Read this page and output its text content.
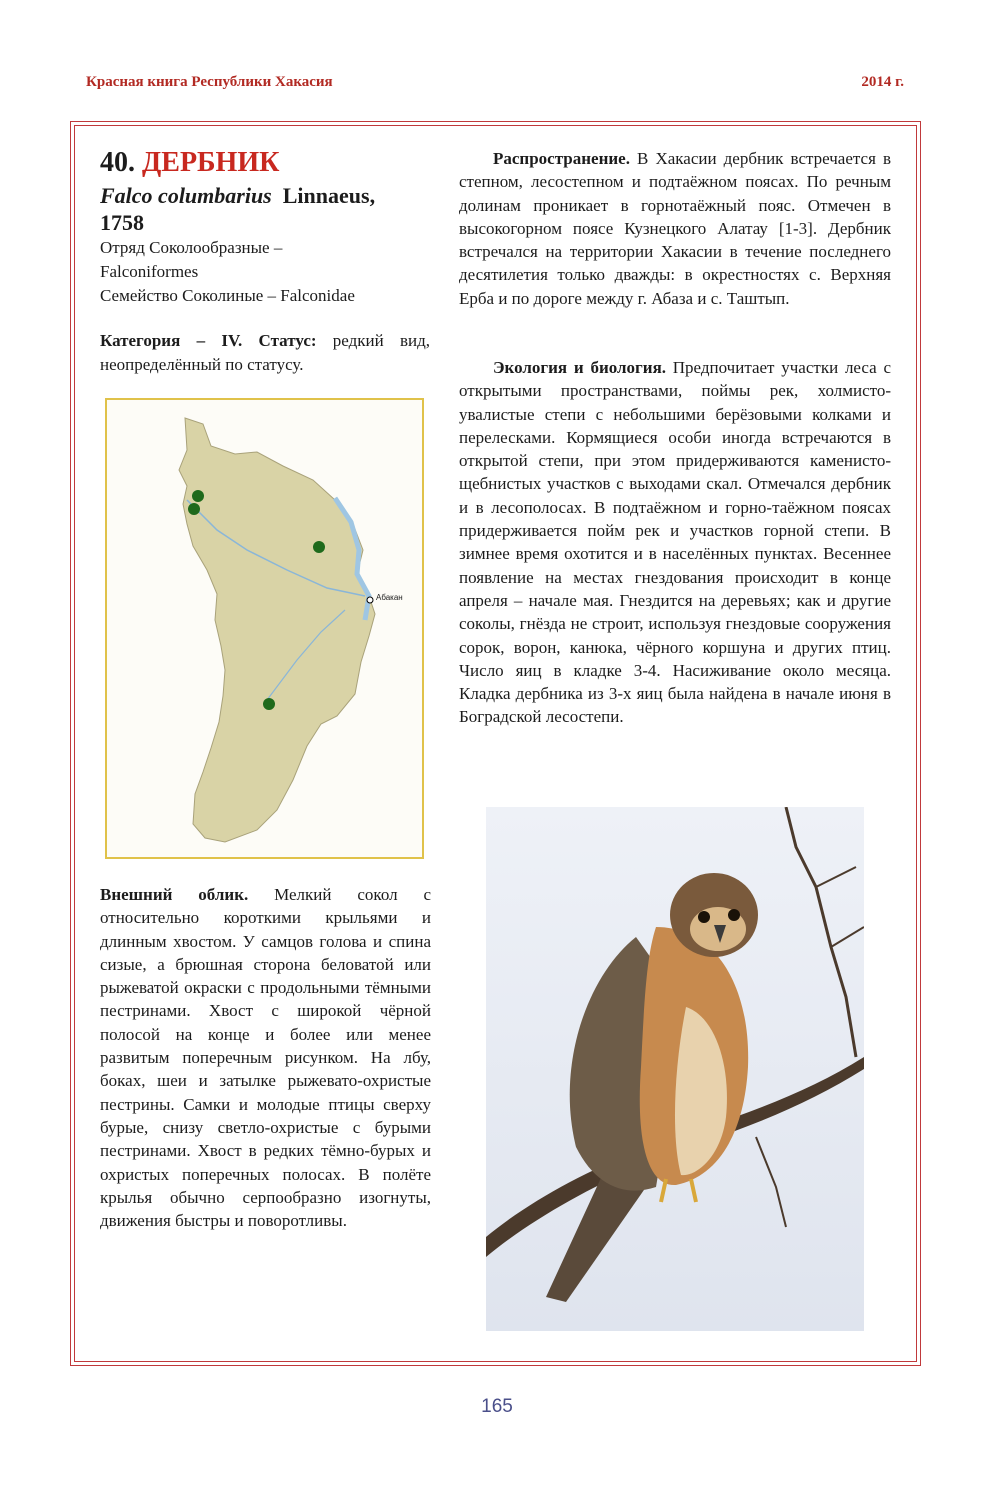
Красная книга Республики Хакасия	2014 г.
40. ДЕРБНИК
Falco columbarius Linnaeus, 1758
Отряд Соколообразные –
Falconiformes
Семейство Соколиные – Falconidae
Категория – IV. Статус: редкий вид, неопределённый по статусу.
Абакан
Внешний облик. Мелкий сокол с относительно короткими крыльями и длинным хвостом. У самцов голова и спина сизые, а брюшная сторона беловатой или рыжеватой окраски с продольными тёмными пестринами. Хвост с широкой чёрной полосой на конце и более или менее развитым поперечным рисунком. На лбу, боках, шеи и затылке рыжевато-охристые пестрины. Самки и молодые птицы сверху бурые, снизу светло-охристые с бурыми пестринами. Хвост в редких тёмно-бурых и охристых поперечных полосах. В полёте крылья обычно серпообразно изогнуты, движения быстры и поворотливы.
Распространение. В Хакасии дербник встречается в степном, лесостепном и подтаёжном поясах. По речным долинам проникает в горнотаёжный пояс. Отмечен в высокогорном поясе Кузнецкого Алатау [1-3]. Дербник встречался на территории Хакасии в течение последнего десятилетия только дважды: в окрестностях с. Верхняя Ерба и по дороге между г. Абаза и с. Таштып.
Экология и биология. Предпочитает участки леса с открытыми пространствами, поймы рек, холмисто-увалистые степи с небольшими берёзовыми колками и перелесками. Кормящиеся особи иногда встречаются в открытой степи, при этом придерживаются каменисто-щебнистых участков с выходами скал. Отмечался дербник и в лесополосах. В подтаёжном и горно-таёжном поясах придерживается пойм рек и участков горной степи. В зимнее время охотится и в населённых пунктах. Весеннее появление на местах гнездования происходит в конце апреля – начале мая. Гнездится на деревьях; как и другие соколы, гнёзда не строит, используя гнездовые сооружения сорок, ворон, канюка, чёрного коршуна и других птиц. Число яиц в кладке 3-4. Насиживание около месяца. Кладка дербника из 3-х яиц была найдена в начале июня в Боградской лесостепи.
165
